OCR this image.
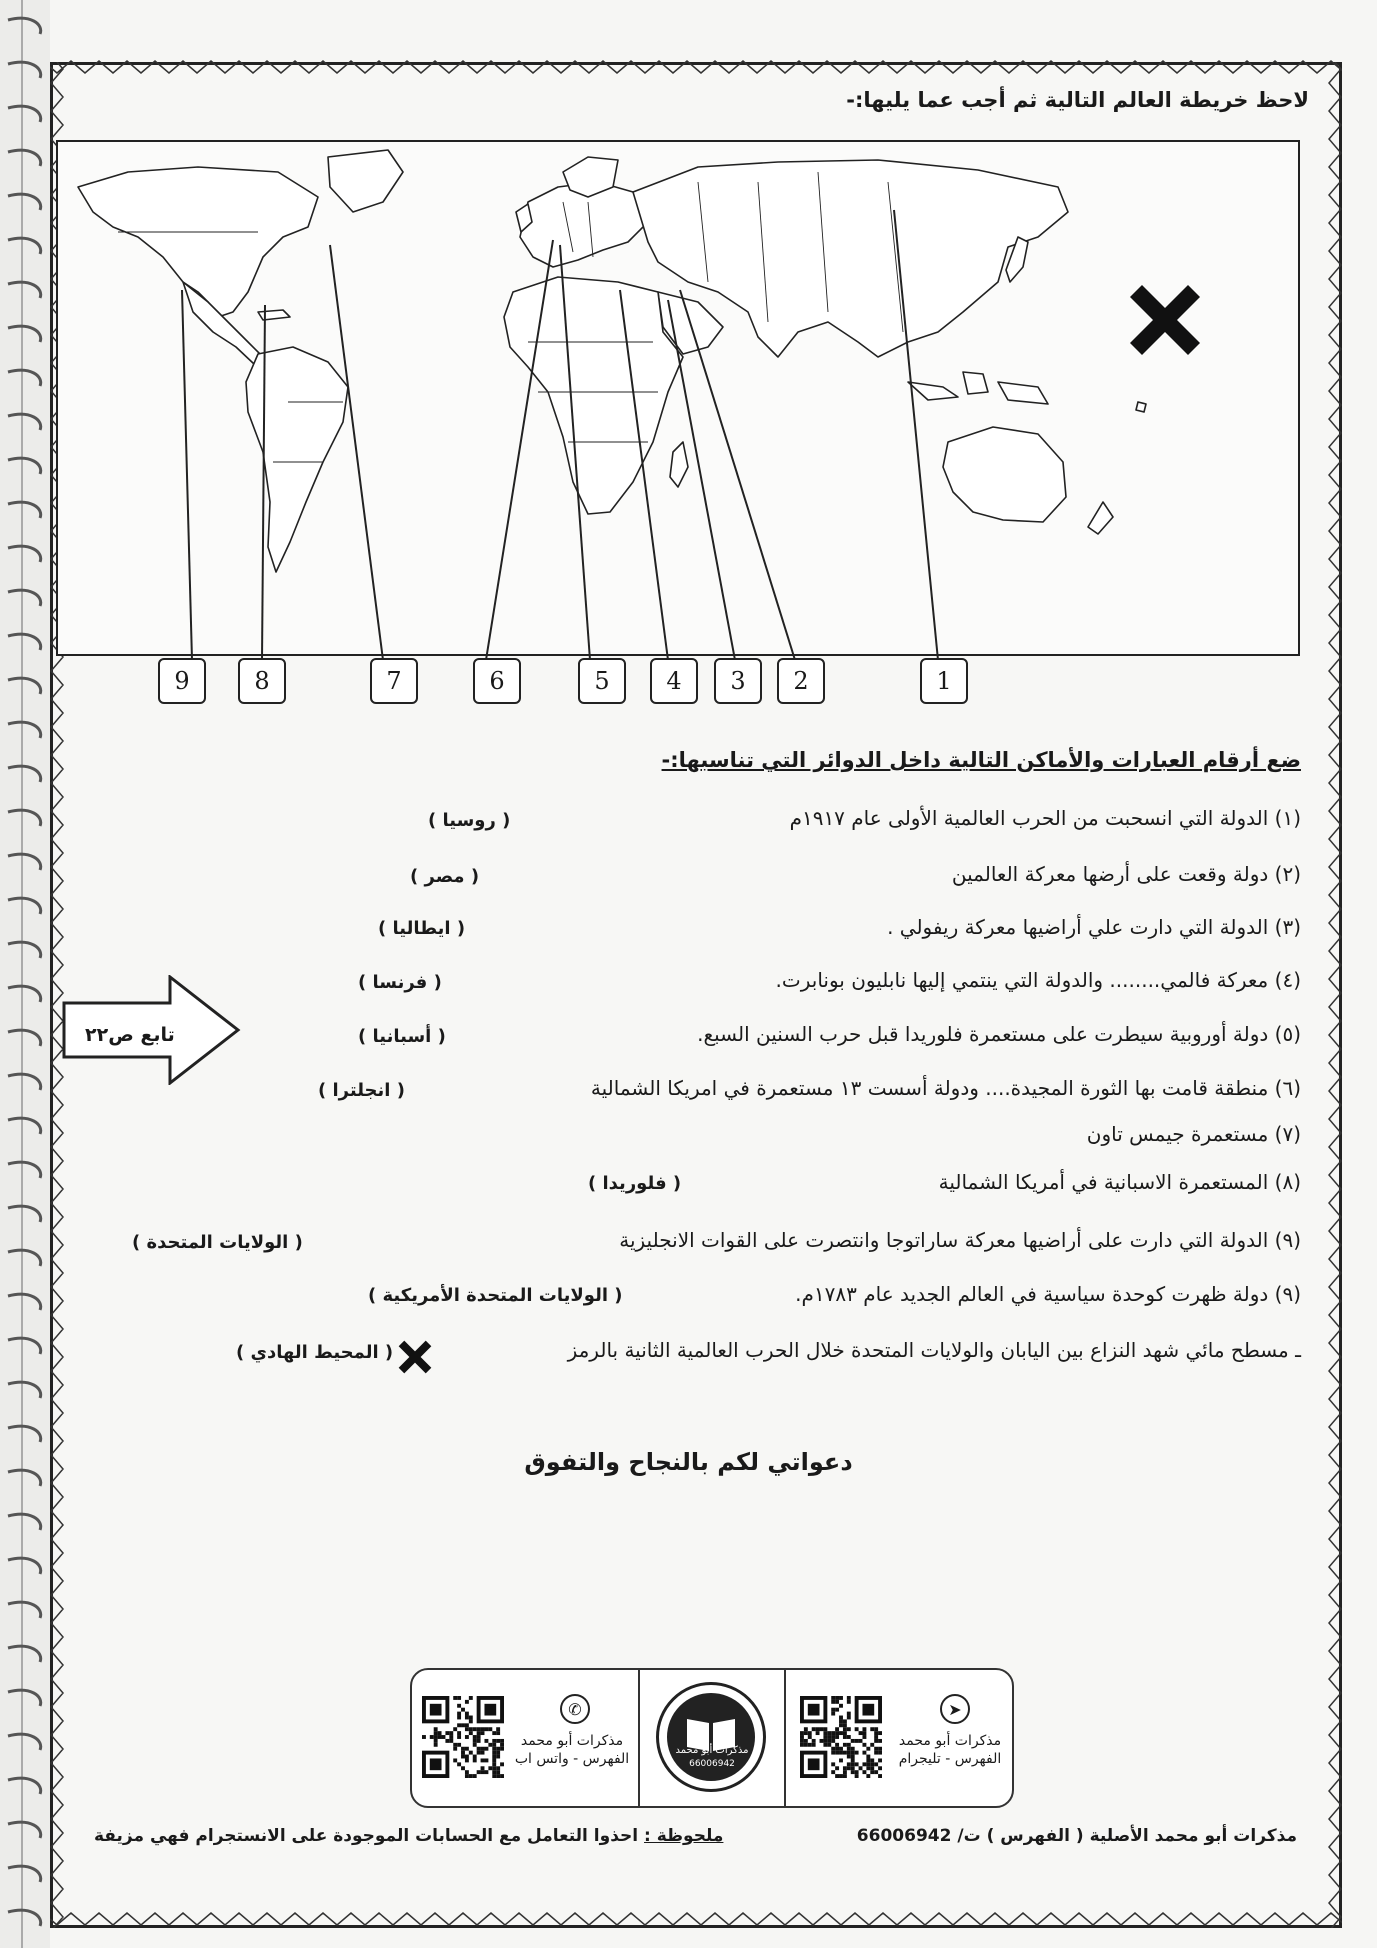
لاحظ خريطة العالم التالية ثم أجب عما يليها:-
1
2
3
4
5
6
7
8
9
ضع أرقام العبارات والأماكن التالية داخل الدوائر التي تناسبها:-
(١) الدولة التي انسحبت من الحرب العالمية الأولى عام ١٩١٧م
( روسيا )
(٢) دولة وقعت على أرضها معركة العالمين
( مصر )
(٣) الدولة التي دارت علي أراضيها معركة ريفولي .
( ايطاليا )
(٤) معركة فالمي........ والدولة التي ينتمي إليها نابليون بونابرت.
( فرنسا )
(٥) دولة أوروبية سيطرت على مستعمرة فلوريدا قبل حرب السنين السبع.
( أسبانيا )
(٦) منطقة قامت بها الثورة المجيدة.... ودولة أسست ١٣ مستعمرة في امريكا الشمالية
( انجلترا )
(٧) مستعمرة جيمس تاون
(٨) المستعمرة الاسبانية في أمريكا الشمالية
( فلوريدا )
(٩) الدولة التي دارت على أراضيها معركة ساراتوجا وانتصرت على القوات الانجليزية
( الولايات المتحدة )
(٩) دولة ظهرت كوحدة سياسية في العالم الجديد عام ١٧٨٣م.
( الولايات المتحدة الأمريكية )
ـ مسطح مائي شهد النزاع بين اليابان والولايات المتحدة خلال الحرب العالمية الثانية بالرمز
( المحيط الهادي )
تابع ص٢٢
دعواتي لكم بالنجاح والتفوق
✆
مذكرات أبو محمد
الفهرس - واتس اب
مذكرات أبو محمد
66006942
➤
مذكرات أبو محمد
الفهرس - تليجرام
ملحوظة : احذوا التعامل مع الحسابات الموجودة على الانستجرام فهي مزيفة	مذكرات أبو محمد الأصلية ( الفهرس ) ت/ 66006942
